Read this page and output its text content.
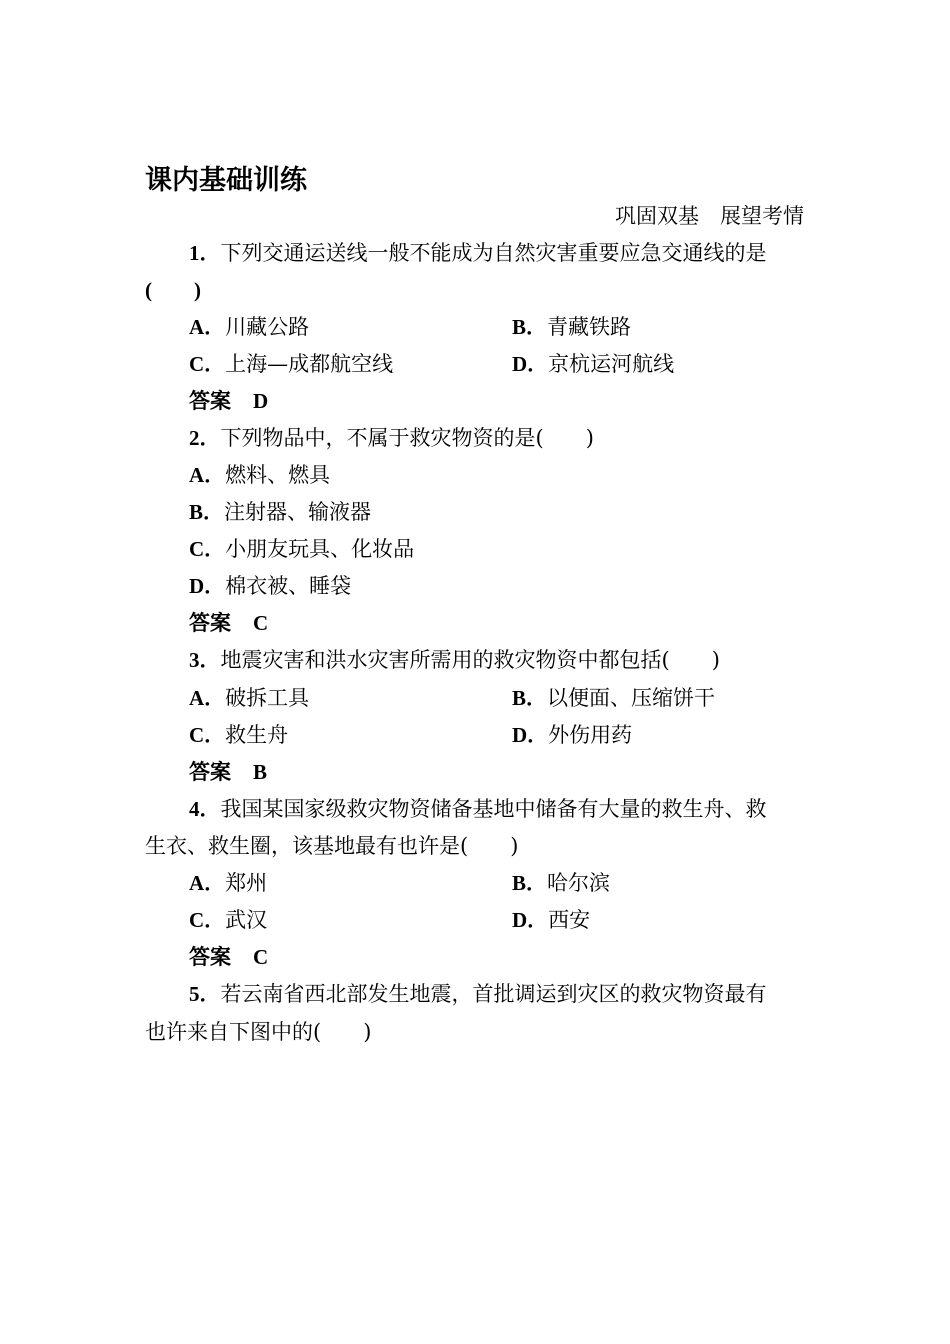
课内基础训练
巩固双基　展望考情
1．下列交通运送线一般不能成为自然灾害重要应急交通线的是
(　　)
A．川藏公路	B．青藏铁路
C．上海—成都航空线	D．京杭运河航线
答案 D
2．下列物品中，不属于救灾物资的是(　　)
A．燃料、燃具
B．注射器、输液器
C．小朋友玩具、化妆品
D．棉衣被、睡袋
答案 C
3．地震灾害和洪水灾害所需用的救灾物资中都包括(　　)
A．破拆工具	B．以便面、压缩饼干
C．救生舟	D．外伤用药
答案 B
4．我国某国家级救灾物资储备基地中储备有大量的救生舟、救
生衣、救生圈，该基地最有也许是(　　)
A．郑州	B．哈尔滨
C．武汉	D．西安
答案 C
5．若云南省西北部发生地震，首批调运到灾区的救灾物资最有
也许来自下图中的(　　)
